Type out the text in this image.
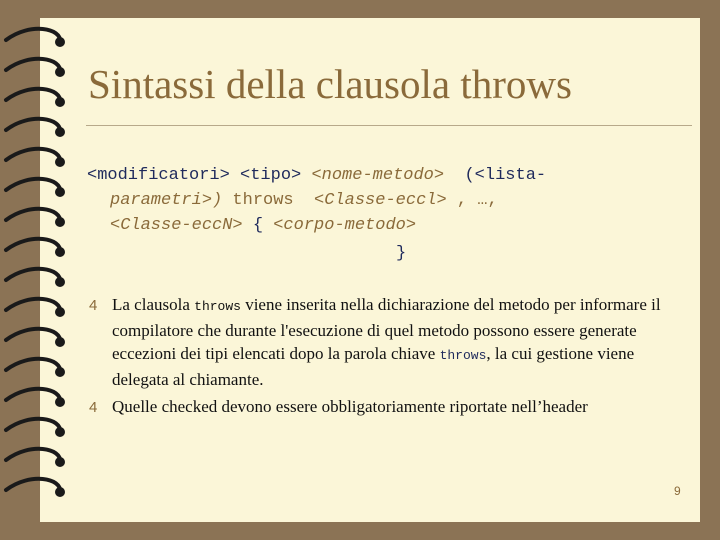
Sintassi della clausola throws
<modificatori> <tipo> <nome-metodo> (<lista-
parametri>) throws <Classe-eccl> , …,
<Classe-eccN> { <corpo-metodo>
}
4 La clausola throws viene inserita nella dichiarazione del metodo per informare il compilatore che durante l'esecuzione di quel metodo possono essere generate eccezioni dei tipi elencati dopo la parola chiave throws, la cui gestione viene delegata al chiamante.
4 Quelle checked devono essere obbligatoriamente riportate nell’header
9
